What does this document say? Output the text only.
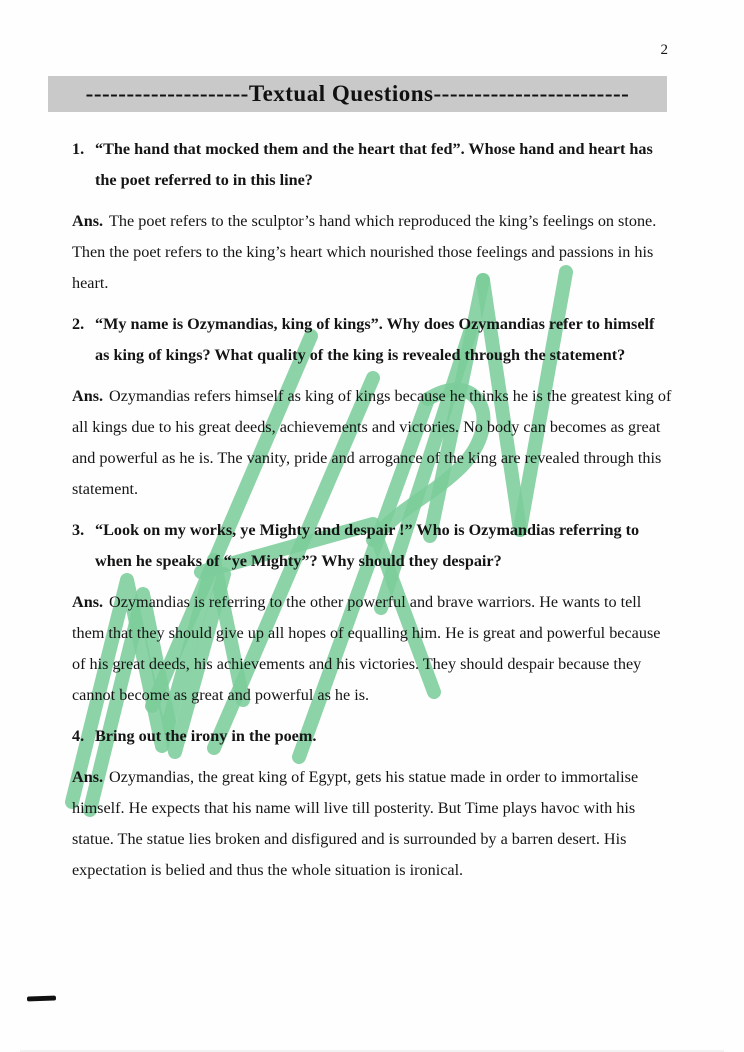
2
--------------------Textual Questions------------------------

1. “The hand that mocked them and the heart that fed”. Whose hand and heart has the poet referred to in this line?

Ans. The poet refers to the sculptor’s hand which reproduced the king’s feelings on stone. Then the poet refers to the king’s heart which nourished those feelings and passions in his heart.

2. “My name is Ozymandias, king of kings”. Why does Ozymandias refer to himself as king of kings? What quality of the king is revealed through the statement?

Ans. Ozymandias refers himself as king of kings because he thinks he is the greatest king of all kings due to his great deeds, achievements and victories. No body can becomes as great and powerful as he is. The vanity, pride and arrogance of the king are revealed through this statement.

3. “Look on my works, ye Mighty and despair !” Who is Ozymandias referring to when he speaks of “ye Mighty”? Why should they despair?

Ans. Ozymandias is referring to the other powerful and brave warriors. He wants to tell them that they should give up all hopes of equalling him. He is great and powerful because of his great deeds, his achievements and his victories. They should despair because they cannot become as great and powerful as he is.

4. Bring out the irony in the poem.

Ans. Ozymandias, the great king of Egypt, gets his statue made in order to immortalise himself. He expects that his name will live till posterity. But Time plays havoc with his statue. The statue lies broken and disfigured and is surrounded by a barren desert. His expectation is belied and thus the whole situation is ironical.
